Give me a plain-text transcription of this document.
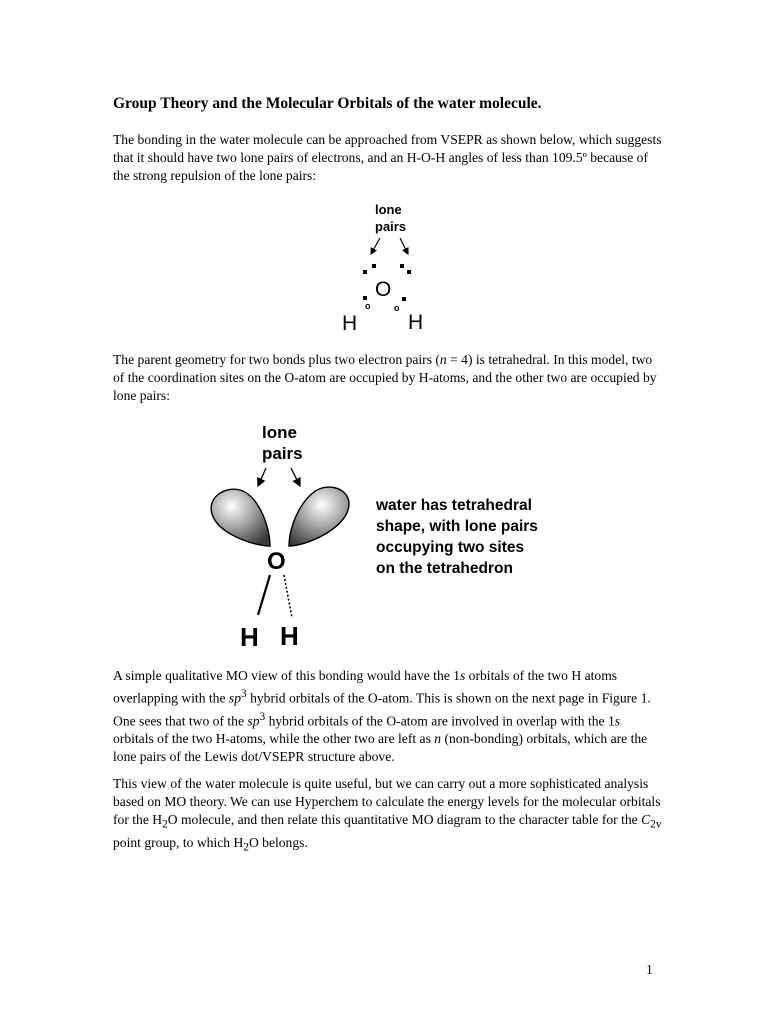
Group Theory and the Molecular Orbitals of the water molecule.

The bonding in the water molecule can be approached from VSEPR as shown below, which suggests that it should have two lone pairs of electrons, and an H-O-H angles of less than 109.5º because of the strong repulsion of the lone pairs:

lone
pairs
O
o	o
H H

The parent geometry for two bonds plus two electron pairs (n = 4) is tetrahedral. In this model, two of the coordination sites on the O-atom are occupied by H-atoms, and the other two are occupied by lone pairs:

lone
pairs
O
H H
water has tetrahedral
shape, with lone pairs
occupying two sites
on the tetrahedron

A simple qualitative MO view of this bonding would have the 1s orbitals of the two H atoms overlapping with the $sp^3$ hybrid orbitals of the O-atom. This is shown on the next page in Figure 1. One sees that two of the $sp^3$ hybrid orbitals of the O-atom are involved in overlap with the 1s orbitals of the two H-atoms, while the other two are left as n (non-bonding) orbitals, which are the lone pairs of the Lewis dot/VSEPR structure above.

This view of the water molecule is quite useful, but we can carry out a more sophisticated analysis based on MO theory. We can use Hyperchem to calculate the energy levels for the molecular orbitals for the $H_2O$ molecule, and then relate this quantitative MO diagram to the character table for the $C_{2v}$ point group, to which $H_2O$ belongs.

1
